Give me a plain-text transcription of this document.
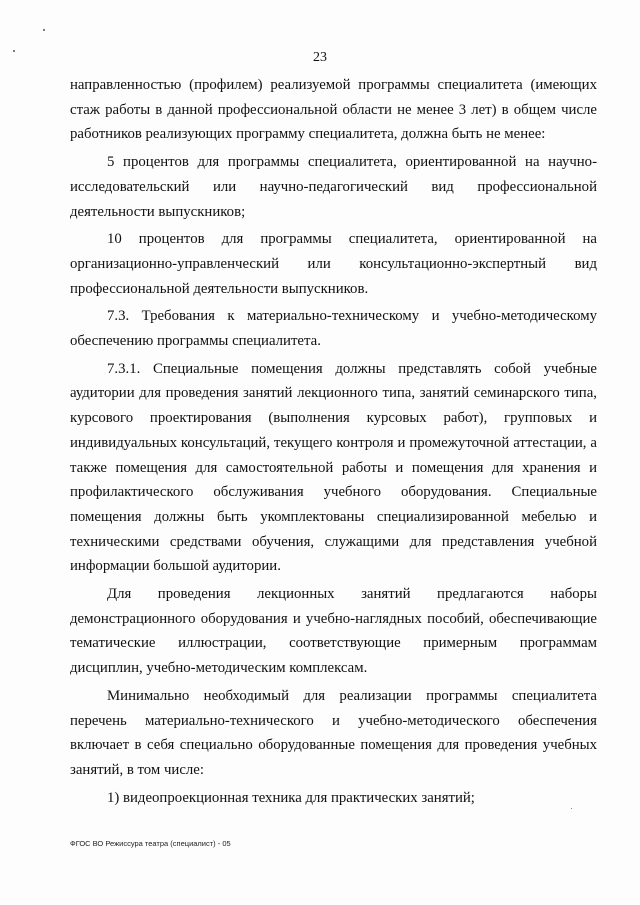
23

направленностью (профилем) реализуемой программы специалитета (имеющих стаж работы в данной профессиональной области не менее 3 лет) в общем числе работников реализующих программу специалитета, должна быть не менее:

5 процентов для программы специалитета, ориентированной на научно-исследовательский или научно-педагогический вид профессиональной деятельности выпускников;

10 процентов для программы специалитета, ориентированной на организационно-управленческий или консультационно-экспертный вид профессиональной деятельности выпускников.

7.3. Требования к материально-техническому и учебно-методическому обеспечению программы специалитета.

7.3.1. Специальные помещения должны представлять собой учебные аудитории для проведения занятий лекционного типа, занятий семинарского типа, курсового проектирования (выполнения курсовых работ), групповых и индивидуальных консультаций, текущего контроля и промежуточной аттестации, а также помещения для самостоятельной работы и помещения для хранения и профилактического обслуживания учебного оборудования. Специальные помещения должны быть укомплектованы специализированной мебелью и техническими средствами обучения, служащими для представления учебной информации большой аудитории.

Для проведения лекционных занятий предлагаются наборы демонстрационного оборудования и учебно-наглядных пособий, обеспечивающие тематические иллюстрации, соответствующие примерным программам дисциплин, учебно-методическим комплексам.

Минимально необходимый для реализации программы специалитета перечень материально-технического и учебно-методического обеспечения включает в себя специально оборудованные помещения для проведения учебных занятий, в том числе:

1) видеопроекционная техника для практических занятий;

ФГОС ВО Режиссура театра (специалист) - 05
